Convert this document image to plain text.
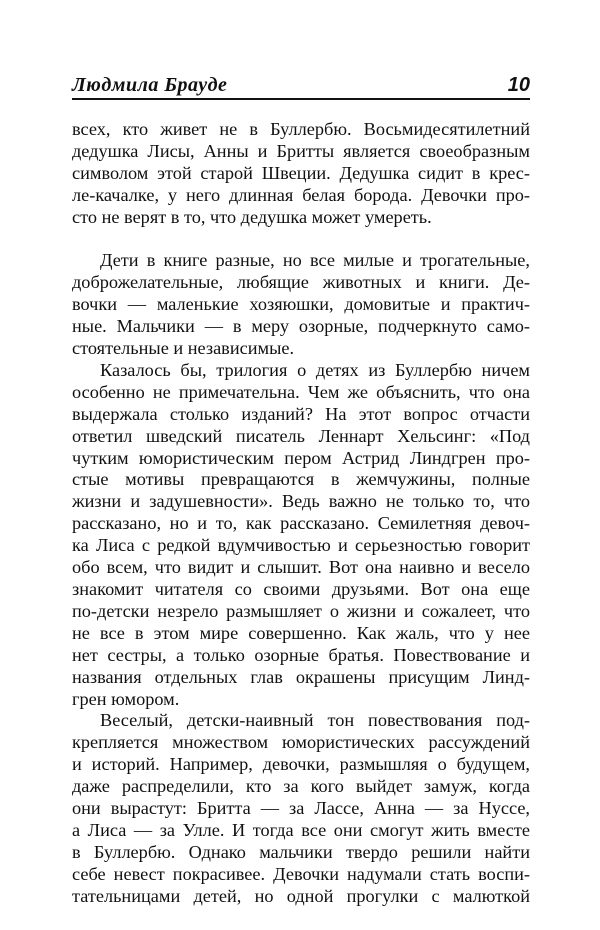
Людмила Брауде	10

всех, кто живет не в Буллербю. Восьмидесятилетний

дедушка Лисы, Анны и Бритты является своеобразным

символом этой старой Швеции. Дедушка сидит в крес-

ле-качалке, у него длинная белая борода. Девочки про-

сто не верят в то, что дедушка может умереть.

Дети в книге разные, но все милые и трогательные,

доброжелательные, любящие животных и книги. Де-

вочки — маленькие хозяюшки, домовитые и практич-

ные. Мальчики — в меру озорные, подчеркнуто само-

стоятельные и независимые.

Казалось бы, трилогия о детях из Буллербю ничем

особенно не примечательна. Чем же объяснить, что она

выдержала столько изданий? На этот вопрос отчасти

ответил шведский писатель Леннарт Хельсинг: «Под

чутким юмористическим пером Астрид Линдгрен про-

стые мотивы превращаются в жемчужины, полные

жизни и задушевности». Ведь важно не только то, что

рассказано, но и то, как рассказано. Семилетняя девоч-

ка Лиса с редкой вдумчивостью и серьезностью говорит

обо всем, что видит и слышит. Вот она наивно и весело

знакомит читателя со своими друзьями. Вот она еще

по-детски незрело размышляет о жизни и сожалеет, что

не все в этом мире совершенно. Как жаль, что у нее

нет сестры, а только озорные братья. Повествование и

названия отдельных глав окрашены присущим Линд-

грен юмором.

Веселый, детски-наивный тон повествования под-

крепляется множеством юмористических рассуждений

и историй. Например, девочки, размышляя о будущем,

даже распределили, кто за кого выйдет замуж, когда

они вырастут: Бритта — за Лассе, Анна — за Нуссе,

а Лиса — за Улле. И тогда все они смогут жить вместе

в Буллербю. Однако мальчики твердо решили найти

себе невест покрасивее. Девочки надумали стать воспи-

тательницами детей, но одной прогулки с малюткой
